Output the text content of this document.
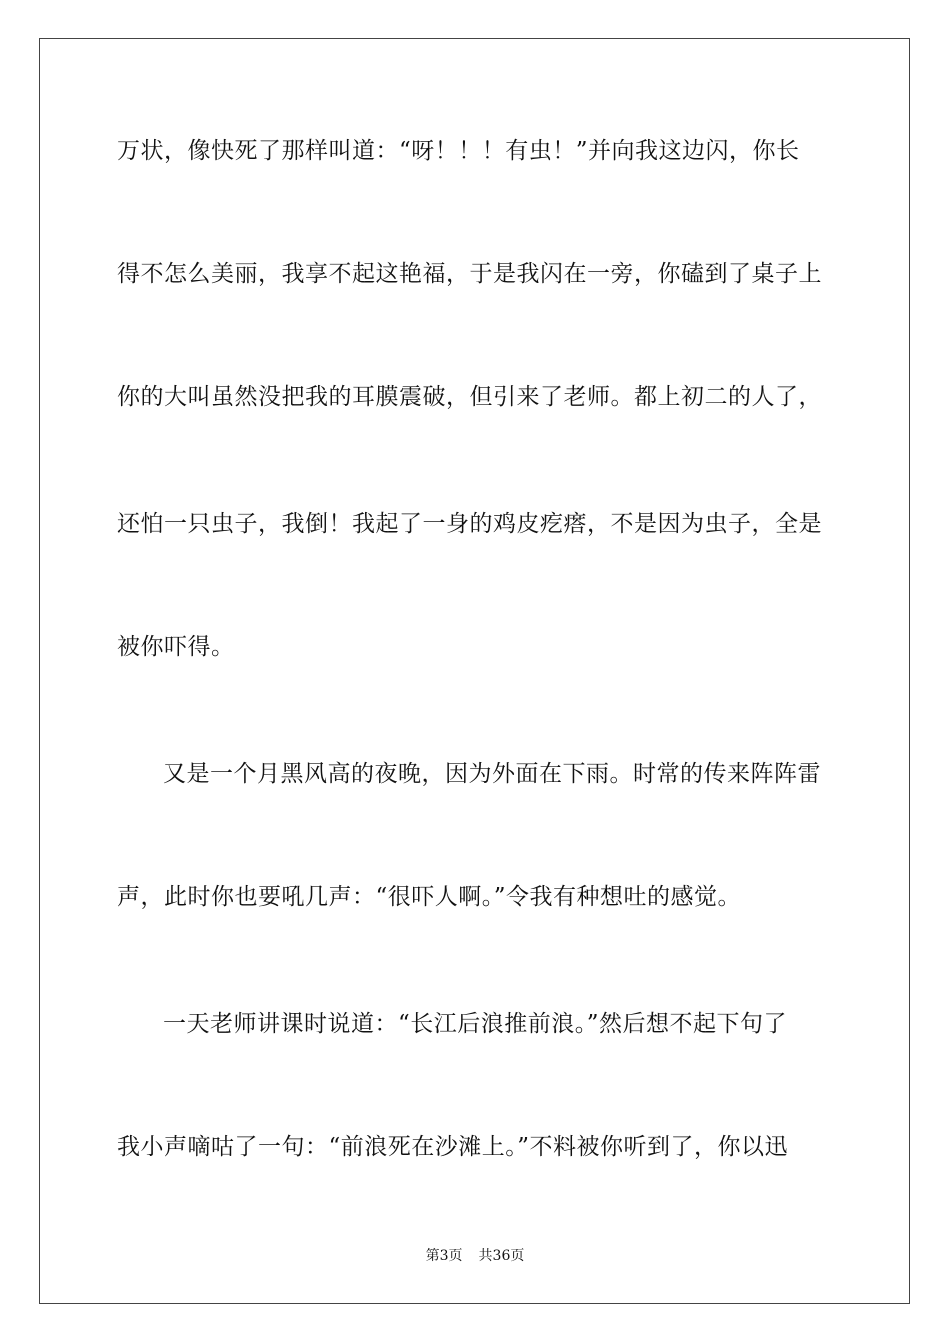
万状，像快死了那样叫道：“呀！！！有虫！”并向我这边闪，你长
得不怎么美丽，我享不起这艳福，于是我闪在一旁，你磕到了桌子上
你的大叫虽然没把我的耳膜震破，但引来了老师。都上初二的人了，
还怕一只虫子，我倒！我起了一身的鸡皮疙瘩，不是因为虫子，全是
被你吓得。
又是一个月黑风高的夜晚，因为外面在下雨。时常的传来阵阵雷
声，此时你也要吼几声：“很吓人啊。”令我有种想吐的感觉。
一天老师讲课时说道：“长江后浪推前浪。”然后想不起下句了
我小声嘀咕了一句：“前浪死在沙滩上。”不料被你听到了，你以迅
第3页 共36页
